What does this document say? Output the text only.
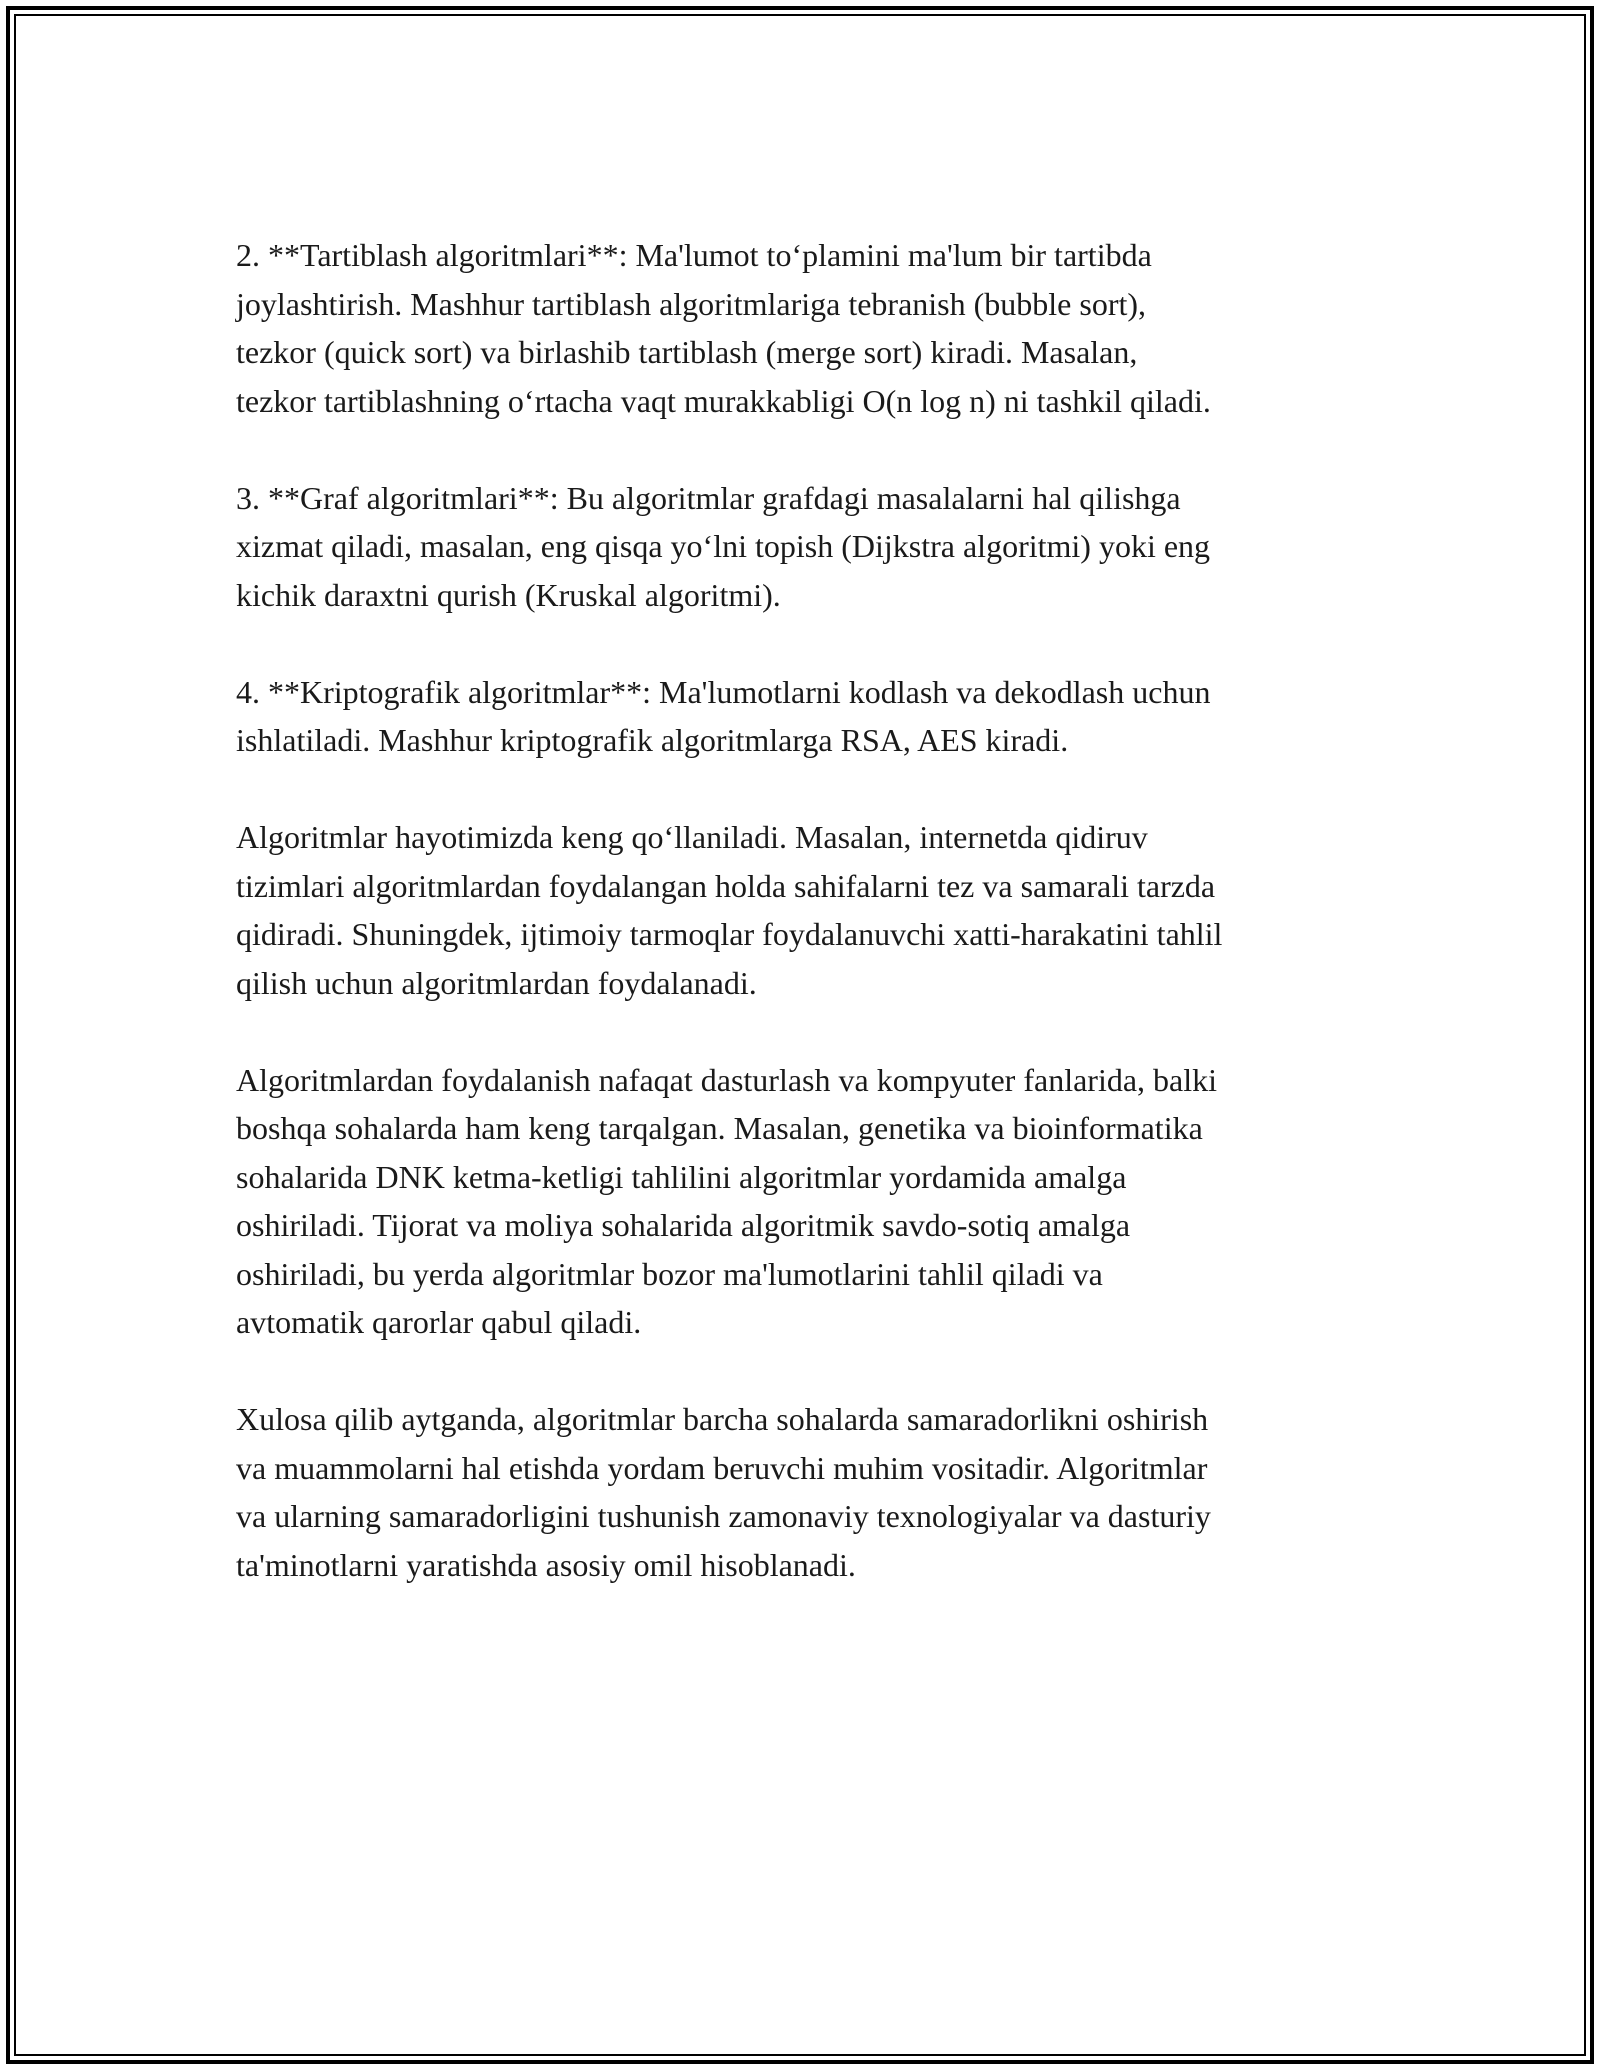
2. **Tartiblash algoritmlari**: Ma'lumot to‘plamini ma'lum bir tartibda
joylashtirish. Mashhur tartiblash algoritmlariga tebranish (bubble sort),
tezkor (quick sort) va birlashib tartiblash (merge sort) kiradi. Masalan,
tezkor tartiblashning o‘rtacha vaqt murakkabligi O(n log n) ni tashkil qiladi.

3. **Graf algoritmlari**: Bu algoritmlar grafdagi masalalarni hal qilishga
xizmat qiladi, masalan, eng qisqa yo‘lni topish (Dijkstra algoritmi) yoki eng
kichik daraxtni qurish (Kruskal algoritmi).

4. **Kriptografik algoritmlar**: Ma'lumotlarni kodlash va dekodlash uchun
ishlatiladi. Mashhur kriptografik algoritmlarga RSA, AES kiradi.

Algoritmlar hayotimizda keng qo‘llaniladi. Masalan, internetda qidiruv
tizimlari algoritmlardan foydalangan holda sahifalarni tez va samarali tarzda
qidiradi. Shuningdek, ijtimoiy tarmoqlar foydalanuvchi xatti-harakatini tahlil
qilish uchun algoritmlardan foydalanadi.

Algoritmlardan foydalanish nafaqat dasturlash va kompyuter fanlarida, balki
boshqa sohalarda ham keng tarqalgan. Masalan, genetika va bioinformatika
sohalarida DNK ketma-ketligi tahlilini algoritmlar yordamida amalga
oshiriladi. Tijorat va moliya sohalarida algoritmik savdo-sotiq amalga
oshiriladi, bu yerda algoritmlar bozor ma'lumotlarini tahlil qiladi va
avtomatik qarorlar qabul qiladi.

Xulosa qilib aytganda, algoritmlar barcha sohalarda samaradorlikni oshirish
va muammolarni hal etishda yordam beruvchi muhim vositadir. Algoritmlar
va ularning samaradorligini tushunish zamonaviy texnologiyalar va dasturiy
ta'minotlarni yaratishda asosiy omil hisoblanadi.
